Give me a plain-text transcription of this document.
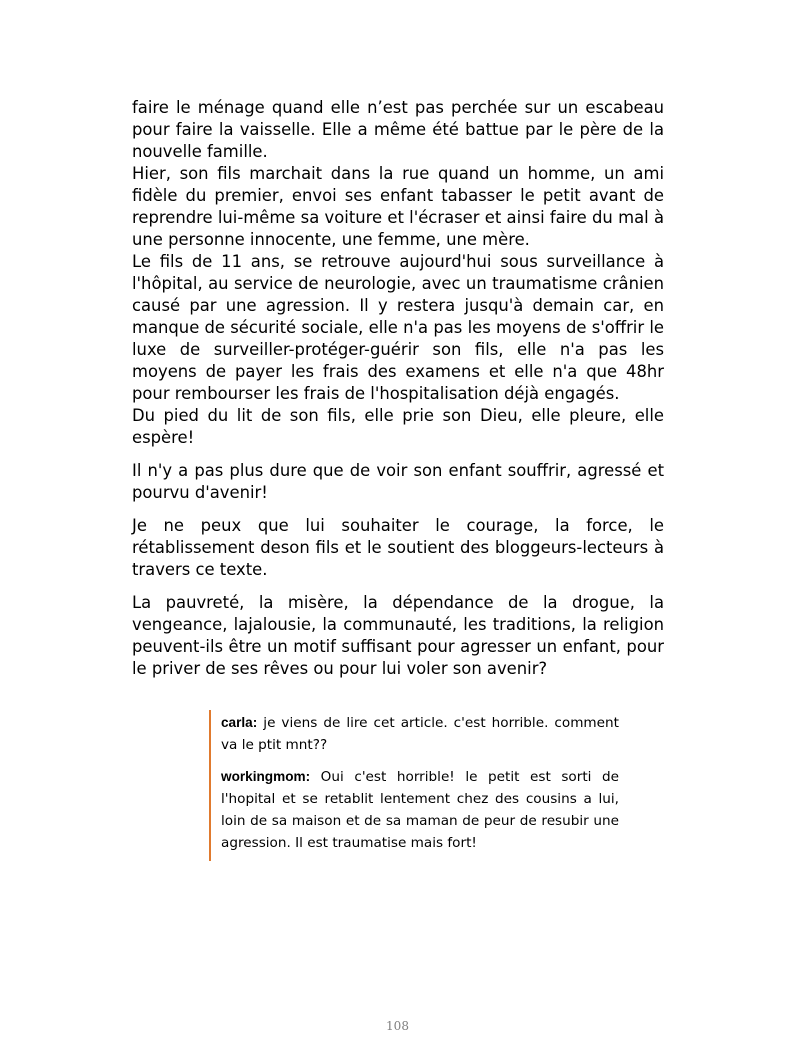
faire le ménage quand elle n’est pas perchée sur un escabeau pour faire la vaisselle. Elle a même été battue par le père de la nouvelle famille.

Hier, son fils marchait dans la rue quand un homme, un ami fidèle du premier, envoi ses enfant tabasser le petit avant de reprendre lui-même sa voiture et l'écraser et ainsi faire du mal à une personne innocente, une femme, une mère.

Le fils de 11 ans, se retrouve aujourd'hui sous surveillance à l'hôpital, au service de neurologie, avec un traumatisme crânien causé par une agression. Il y restera jusqu'à demain car, en manque de sécurité sociale, elle n'a pas les moyens de s'offrir le luxe de surveiller-protéger-guérir son fils, elle n'a pas les moyens de payer les frais des examens et elle n'a que 48hr pour rembourser les frais de l'hospitalisation déjà engagés.

Du pied du lit de son fils, elle prie son Dieu, elle pleure, elle espère!

Il n'y a pas plus dure que de voir son enfant souffrir, agressé et pourvu d'avenir!

Je ne peux que lui souhaiter le courage, la force, le rétablissement deson fils et le soutient des bloggeurs-lecteurs à travers ce texte.

La pauvreté, la misère, la dépendance de la drogue, la vengeance, lajalousie, la communauté, les traditions, la religion peuvent-ils être un motif suffisant pour agresser un enfant, pour le priver de ses rêves ou pour lui voler son avenir?

carla: je viens de lire cet article. c'est horrible. comment va le ptit mnt??

workingmom: Oui c'est horrible! le petit est sorti de l'hopital et se retablit lentement chez des cousins a lui, loin de sa maison et de sa maman de peur de resubir une agression. Il est traumatise mais fort!

108
